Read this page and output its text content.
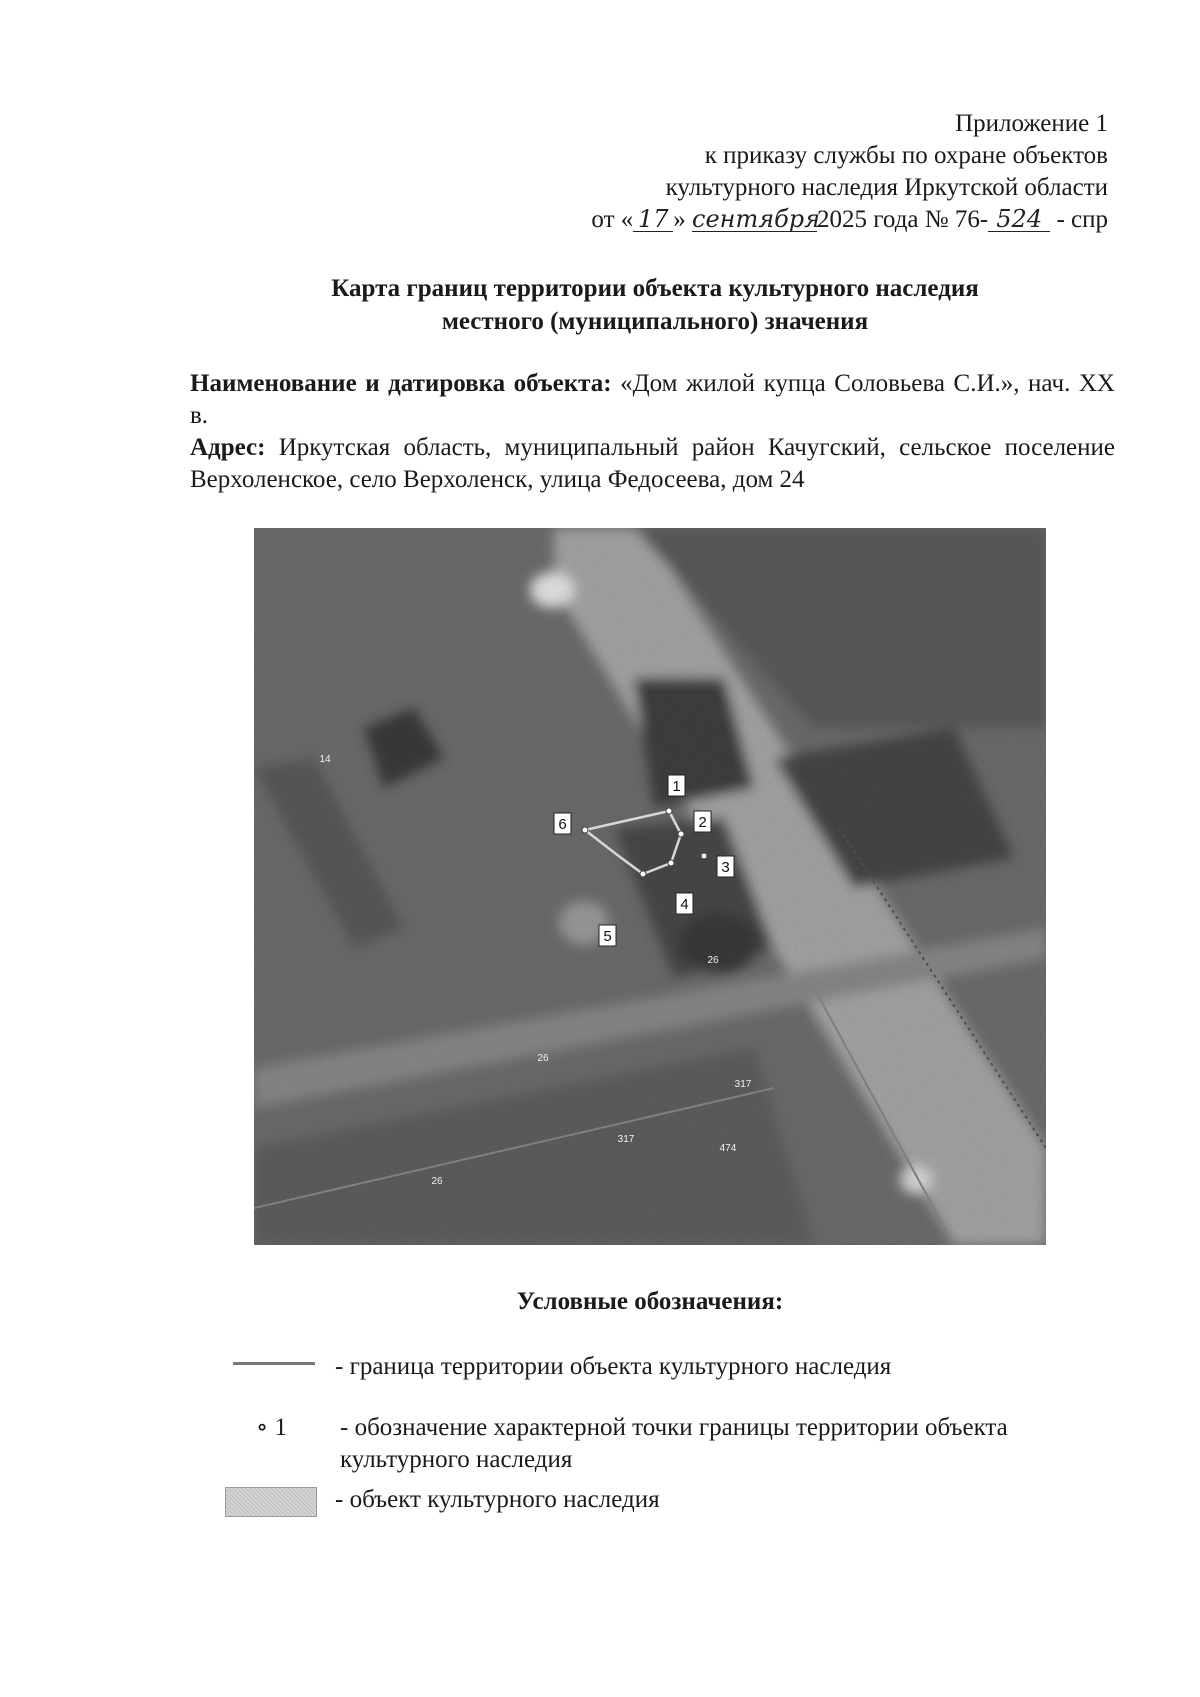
Приложение 1
к приказу службы по охране объектов
культурного наследия Иркутской области
от « 17 » сентября2025 года № 76- 524 - спр
Карта границ территории объекта культурного наследия
местного (муниципального) значения

Наименование и датировка объекта: «Дом жилой купца Соловьева С.И.», нач. XX в.

Адрес: Иркутская область, муниципальный район Качугский, сельское поселение Верхоленское, село Верхоленск, улица Федосеева, дом 24

1
2
3
4
5
6
14
26
26
26
317
317
474
Условные обозначения:
- граница территории объекта культурного наследия
∘ 1 - обозначение характерной точки границы территории объекта культурного наследия
- объект культурного наследия
